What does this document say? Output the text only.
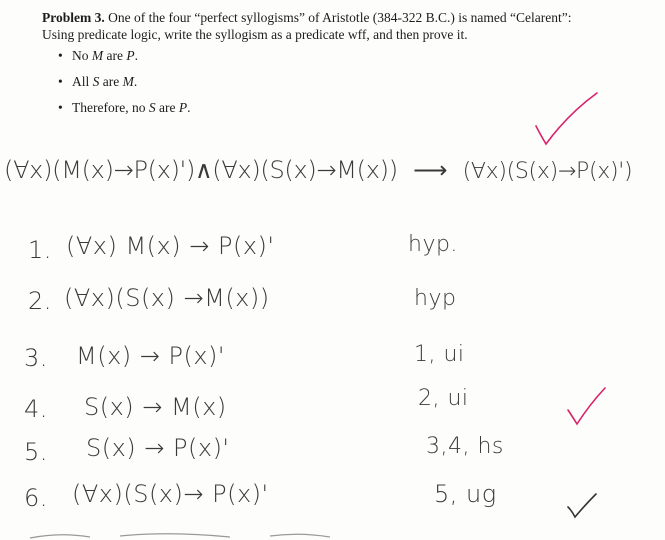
Problem 3. One of the four “perfect syllogisms” of Aristotle (384-322 B.C.) is named “Celarent”:
Using predicate logic, write the syllogism as a predicate wff, and then prove it.
• No M are P.
• All S are M.
• Therefore, no S are P.
(∀x)(M(x)→P(x)')∧(∀x)(S(x)→M(x)) ⟶ (∀x)(S(x)→P(x)')
1. (∀x) M(x) → P(x)'	hyp.
2. (∀x)(S(x) →M(x))	hyp
3. M(x) → P(x)'	1, ui
4. S(x) → M(x)	2, ui
5. S(x) → P(x)'	3,4, hs
6. (∀x)(S(x)→ P(x)'	5, ug
